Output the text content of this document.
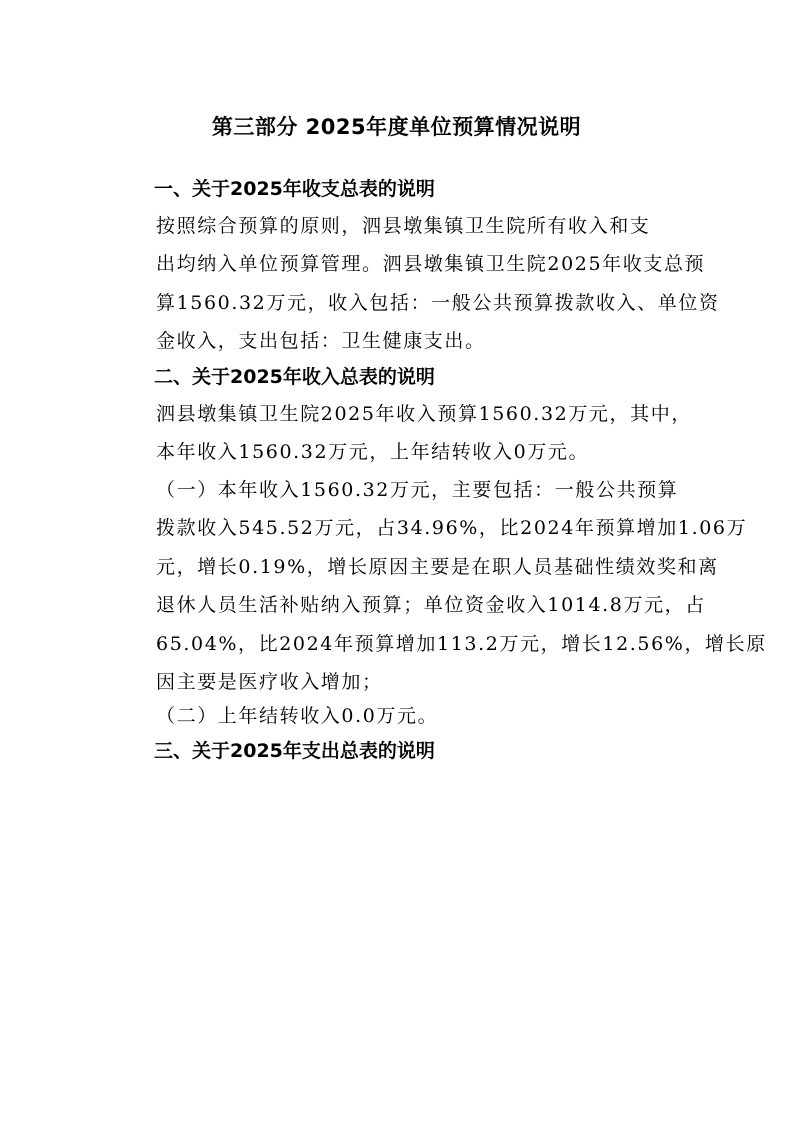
第三部分 2025年度单位预算情况说明
一、关于2025年收支总表的说明
按照综合预算的原则，泗县墩集镇卫生院所有收入和支
出均纳入单位预算管理。泗县墩集镇卫生院2025年收支总预
算1560.32万元，收入包括：一般公共预算拨款收入、单位资
金收入，支出包括：卫生健康支出。
二、关于2025年收入总表的说明
泗县墩集镇卫生院2025年收入预算1560.32万元，其中，
本年收入1560.32万元，上年结转收入0万元。
（一）本年收入1560.32万元，主要包括：一般公共预算
拨款收入545.52万元，占34.96%，比2024年预算增加1.06万
元，增长0.19%，增长原因主要是在职人员基础性绩效奖和离
退休人员生活补贴纳入预算；单位资金收入1014.8万元，占
65.04%，比2024年预算增加113.2万元，增长12.56%，增长原
因主要是医疗收入增加；
（二）上年结转收入0.0万元。
三、关于2025年支出总表的说明
